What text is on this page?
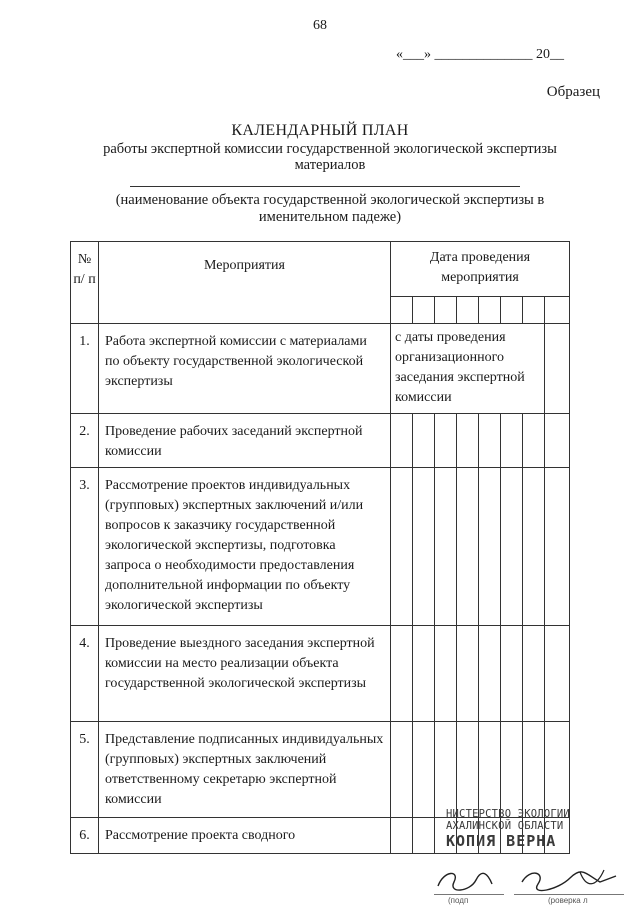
68
«___» ______________ 20__
Образец
КАЛЕНДАРНЫЙ ПЛАН
работы экспертной комиссии государственной экологической экспертизы материалов
(наименование объекта государственной экологической экспертизы в именительном падеже)
№ п/ п	Мероприятия	Дата проведения мероприятия							

1.	Работа экспертной комиссии с материалами по объекту государственной экологической экспертизы	с даты проведения организационного заседания экспертной комиссии							
2.	Проведение рабочих заседаний экспертной комиссии								
3.	Рассмотрение проектов индивидуальных (групповых) экспертных заключений и/или вопросов к заказчику государственной экологической экспертизы, подготовка запроса о необходимости предоставления дополнительной информации по объекту экологической экспертизы								
4.	Проведение выездного заседания экспертной комиссии на место реализации объекта государственной экологической экспертизы								
5.	Представление подписанных индивидуальных (групповых) экспертных заключений ответственному секретарю экспертной комиссии								
6.	Рассмотрение проекта сводного								
НИСТЕРСТВО ЭКОЛОГИИ
АХАЛИНСКОЙ ОБЛАСТИ
КОПИЯ ВЕРНА
(подп	(роверка л
